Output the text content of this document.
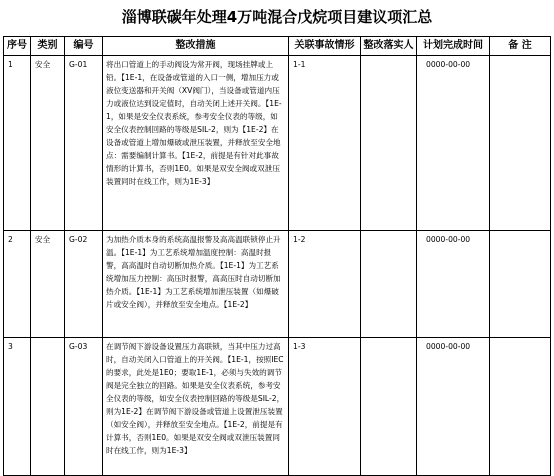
淄博联碳年处理4万吨混合戊烷项目建议项汇总
序号	类别	编号	整改措施	关联事故情形	整改落实人	计划完成时间	备 注

1	安全	G-01	将出口管道上的手动阀设为常开阀，现场挂牌或上铅。【1E-1，在设备或管道的入口一侧，增加压力或液位变送器和开关阀（XV阀门），当设备或管道内压力或液位达到设定值时，自动关闭上述开关阀。【1E-1，如果是安全仪表系统，参考安全仪表的等级，如安全仪表控制回路的等级是SIL-2，则为【1E-2】在设备或管道上增加爆破或泄压装置，并释放至安全地点：需要编制计算书。【1E-2，前提是有针对此事故情形的计算书，否则1E0。如果是双安全阀或双泄压装置同时在线工作，则为1E-3】	1-1		0000-00-00	

2	安全	G-02	为加热介质本身的系统高温报警及高高温联锁停止升温。【1E-1】为工艺系统增加温度控制：高温时报警，高高温时自动切断加热介质。【1E-1】为工艺系统增加压力控制：高压时报警，高高压时自动切断加热介质。【1E-1】为工艺系统增加泄压装置（如爆破片或安全阀），并释放至安全地点。【1E-2】	1-2		0000-00-00	

3		G-03	在调节阀下游设备设置压力高联锁，当其中压力过高时，自动关闭入口管道上的开关阀。【1E-1，按照IEC的要求，此处是1E0；要取1E-1，必须与失效的调节阀是完全独立的回路。如果是安全仪表系统，参考安全仪表的等级，如安全仪表控制回路的等级是SIL-2，则为1E-2】在调节阀下游设备或管道上设置泄压装置（如安全阀），并释放至安全地点。【1E-2，前提是有计算书，否则1E0。如果是双安全阀或双泄压装置同时在线工作，则为1E-3】	1-3		0000-00-00	
